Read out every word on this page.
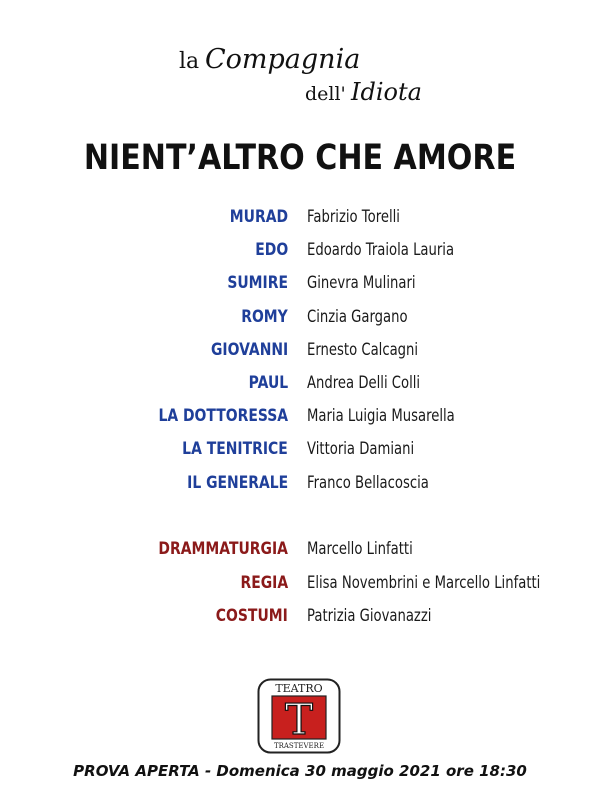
la Compagnia
dell' Idiota
NIENT’ALTRO CHE AMORE
MURAD Fabrizio Torelli
EDO Edoardo Traiola Lauria
SUMIRE Ginevra Mulinari
ROMY Cinzia Gargano
GIOVANNI Ernesto Calcagni
PAUL Andrea Delli Colli
LA DOTTORESSA Maria Luigia Musarella
LA TENITRICE Vittoria Damiani
IL GENERALE Franco Bellacoscia
DRAMMATURGIA Marcello Linfatti
REGIA Elisa Novembrini e Marcello Linfatti
COSTUMI Patrizia Giovanazzi
TEATRO
T
TRASTEVERE
PROVA APERTA - Domenica 30 maggio 2021 ore 18:30
